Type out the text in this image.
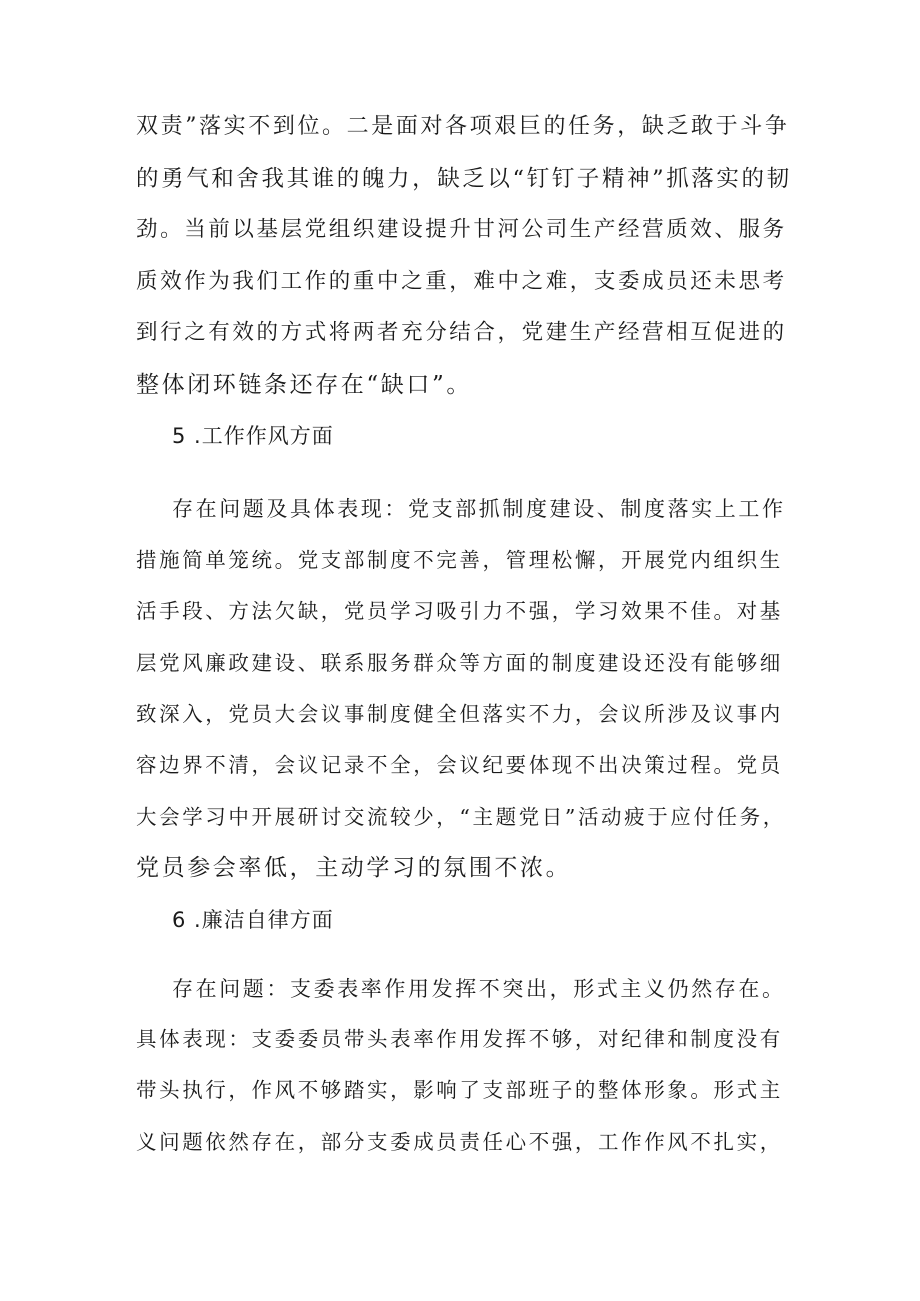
双责”落实不到位。二是面对各项艰巨的任务，缺乏敢于斗争
的勇气和舍我其谁的魄力，缺乏以“钉钉子精神”抓落实的韧
劲。当前以基层党组织建设提升甘河公司生产经营质效、服务
质效作为我们工作的重中之重，难中之难，支委成员还未思考
到行之有效的方式将两者充分结合，党建生产经营相互促进的
整体闭环链条还存在“缺口”。
5 .工作作风方面
存在问题及具体表现：党支部抓制度建设、制度落实上工作
措施简单笼统。党支部制度不完善，管理松懈，开展党内组织生
活手段、方法欠缺，党员学习吸引力不强，学习效果不佳。对基
层党风廉政建设、联系服务群众等方面的制度建设还没有能够细
致深入，党员大会议事制度健全但落实不力，会议所涉及议事内
容边界不清，会议记录不全，会议纪要体现不出决策过程。党员
大会学习中开展研讨交流较少，“主题党日”活动疲于应付任务，
党员参会率低，主动学习的氛围不浓。
6 .廉洁自律方面
存在问题：支委表率作用发挥不突出，形式主义仍然存在。
具体表现：支委委员带头表率作用发挥不够，对纪律和制度没有
带头执行，作风不够踏实，影响了支部班子的整体形象。形式主
义问题依然存在，部分支委成员责任心不强，工作作风不扎实，
